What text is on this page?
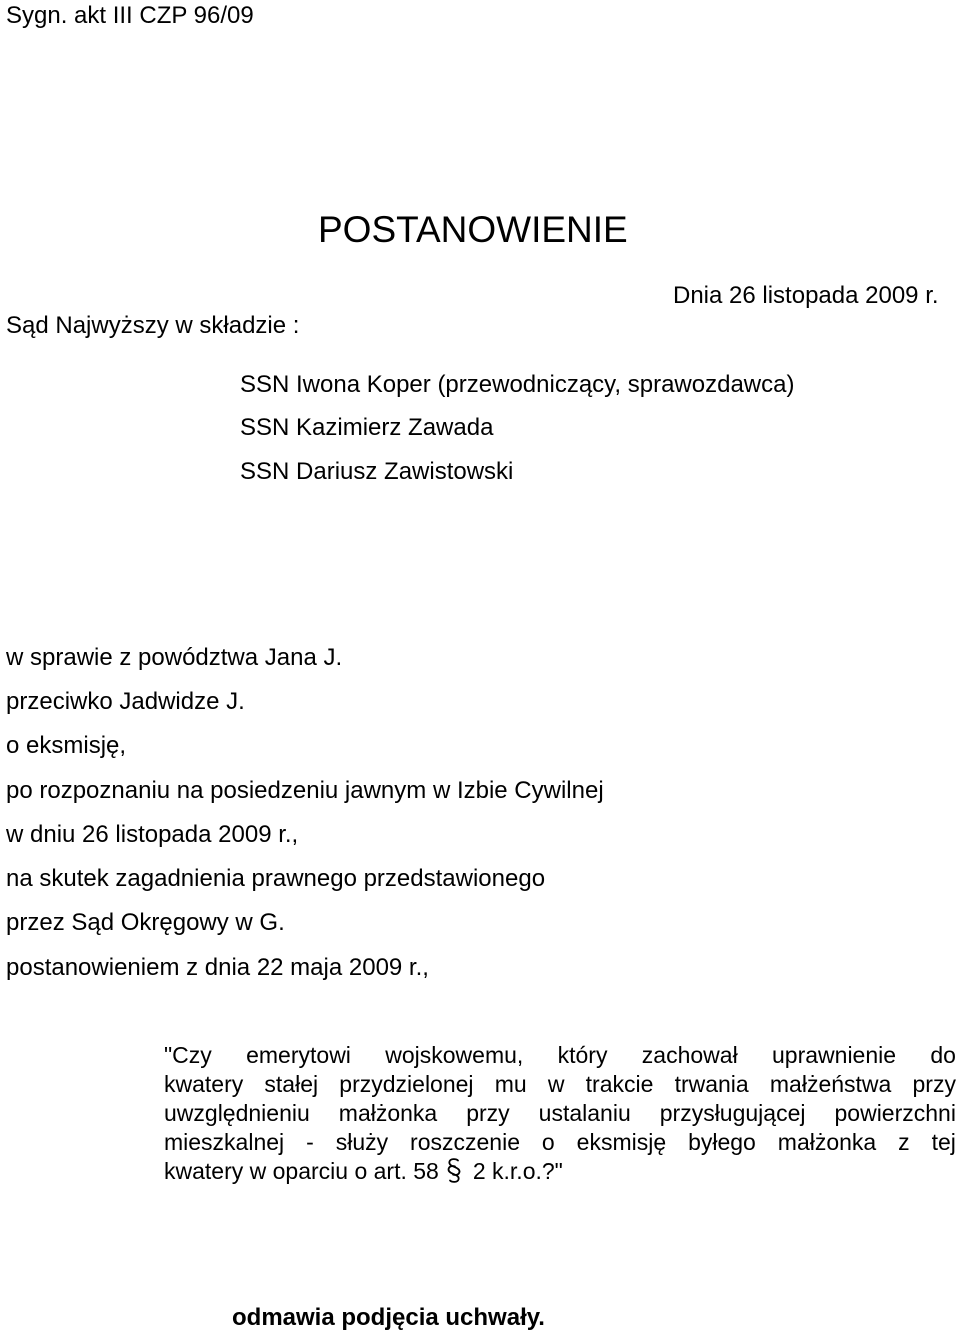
Sygn. akt III CZP 96/09
POSTANOWIENIE
Dnia 26 listopada 2009 r.
Sąd Najwyższy w składzie :
SSN Iwona Koper (przewodniczący, sprawozdawca)
SSN Kazimierz Zawada
SSN Dariusz Zawistowski
w sprawie z powództwa Jana J.
przeciwko Jadwidze J.
o eksmisję,
po rozpoznaniu na posiedzeniu jawnym w Izbie Cywilnej
w dniu 26 listopada 2009 r.,
na skutek zagadnienia prawnego przedstawionego
przez Sąd Okręgowy w G.
postanowieniem z dnia 22 maja 2009 r.,
"Czy emerytowi wojskowemu, który zachował uprawnienie do
kwatery stałej przydzielonej mu w trakcie trwania małżeństwa przy
uwzględnieniu małżonka przy ustalaniu przysługującej powierzchni
mieszkalnej - służy roszczenie o eksmisję byłego małżonka z tej
kwatery w oparciu o art. 58 2 k.r.o.?"
odmawia podjęcia uchwały.
